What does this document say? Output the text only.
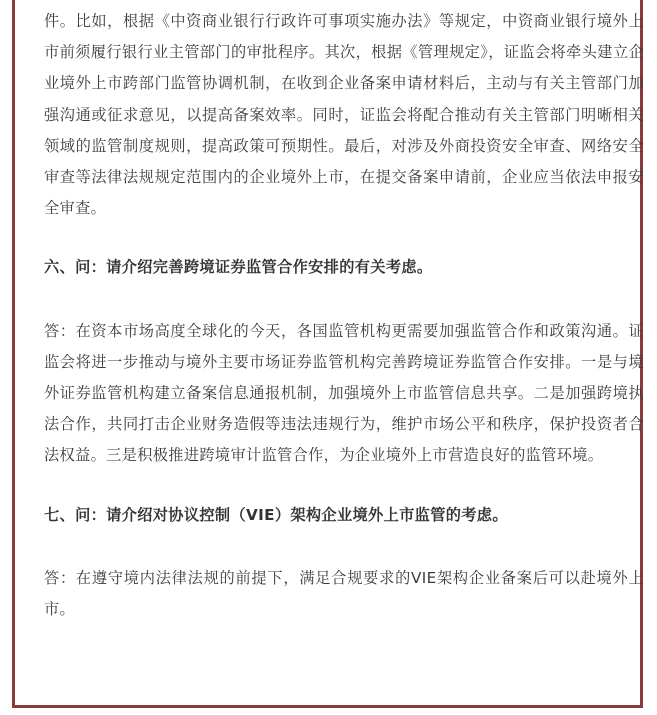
件。比如，根据《中资商业银行行政许可事项实施办法》等规定，中资商业银行境外上市前须履行银行业主管部门的审批程序。其次，根据《管理规定》，证监会将牵头建立企业境外上市跨部门监管协调机制，在收到企业备案申请材料后，主动与有关主管部门加强沟通或征求意见，以提高备案效率。同时，证监会将配合推动有关主管部门明晰相关领域的监管制度规则，提高政策可预期性。最后，对涉及外商投资安全审查、网络安全审查等法律法规规定范围内的企业境外上市，在提交备案申请前，企业应当依法申报安全审查。

六、问：请介绍完善跨境证券监管合作安排的有关考虑。

答：在资本市场高度全球化的今天，各国监管机构更需要加强监管合作和政策沟通。证监会将进一步推动与境外主要市场证券监管机构完善跨境证券监管合作安排。一是与境外证券监管机构建立备案信息通报机制，加强境外上市监管信息共享。二是加强跨境执法合作，共同打击企业财务造假等违法违规行为，维护市场公平和秩序，保护投资者合法权益。三是积极推进跨境审计监管合作，为企业境外上市营造良好的监管环境。

七、问：请介绍对协议控制（VIE）架构企业境外上市监管的考虑。

答：在遵守境内法律法规的前提下，满足合规要求的VIE架构企业备案后可以赴境外上市。
